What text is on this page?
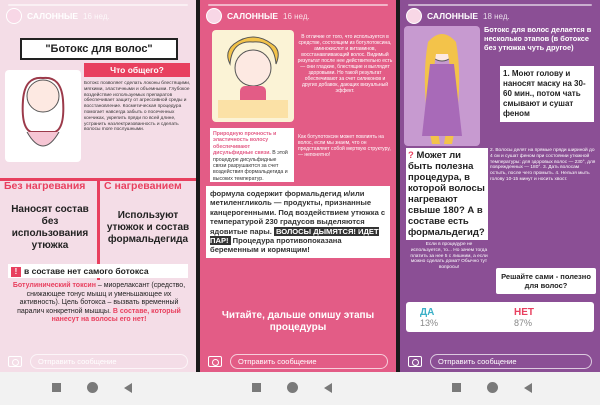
САЛОННЫЕ 16 нед.
"Ботокс для волос"
Что общего?
Ботокс позволяет сделать локоны блестящими, мягкими, эластичными и объемными. Глубокое воздействие используемых препаратов обеспечивает защиту от агрессивной среды и восстановление. Косметическая процедура помогает навсегда забыть о посеченных кончиках, укрепить пряди по всей длине, устранить наэлектризованность и сделать волосы more послушными.
Без нагревания	С нагреванием
Наносят состав без использования утюжка
Используют утюжок и состав формальдегида
! в составе нет самого ботокса
Ботулинический токсин – миорелаксант (средство, снижающее тонус мышц и уменьшающее их активность). Цель ботокса – вызвать временный паралич конкретной мышцы. В составе, который нанесут на волосы его нет!
Отправить сообщение
САЛОННЫЕ 16 нед.
В отличие от того, что используется в средстве, состоящем из ботулотоксина, аминокислот и витаминов, восстанавливающий волос. Видимый результат после нее действительно есть — они гладкие, блестящие и выглядят здоровыми. Но такой результат обеспечивают за счет силиконов и других добавок, дающих визуальный эффект.
Природную прочность и эластичность волосу обеспечивают дисульфидные связи. В этой процедуре дисульфидные связи разрушаются за счет воздействия формальдегида и высоких температур.
Как ботулотоксин может повлиять на волос, если мы знаем, что он представляет собой мертвую структуру, — непонятно!
формула содержит формальдегид и/или метиленгликоль — продукты, признанные канцерогенными. Под воздействием утюжка с температурой 230 градусов выделяются ядовитые пары. ВОЛОСЫ ДЫМЯТСЯ! ИДЕТ ПАР! Процедура противопоказана беременным и кормящим!
Читайте, дальше опишу этапы процедуры
Отправить сообщение
САЛОННЫЕ 18 нед.
Ботокс для волос делается в несколько этапов (в ботоксе без утюжка чуть другое)
1. Моют голову и наносят маску на 30-60 мин., потом чать смывают и сушат феном
? Может ли быть полезна процедура, в которой волосы нагревают свыше 180? А в составе есть формальдегид?
2. Волосы делят на прямые пряди шириной до 4 см и сушат феном при состоянии утюжной температуры: для здоровых волос — 230°, для поврежденных — 180°. 3. Дать волосам остыть, после чего промыть. 4. Нельзя мыть голову 10-15 минут и носить хвост.
Если в процедуре не используется, то... Но зачем тогда платить за нее 5 с лишним, а если можно сделать дома? Обычно тут вопросы!
Решайте сами - полезно для волос?
ДА
13%
НЕТ
87%
Отправить сообщение
